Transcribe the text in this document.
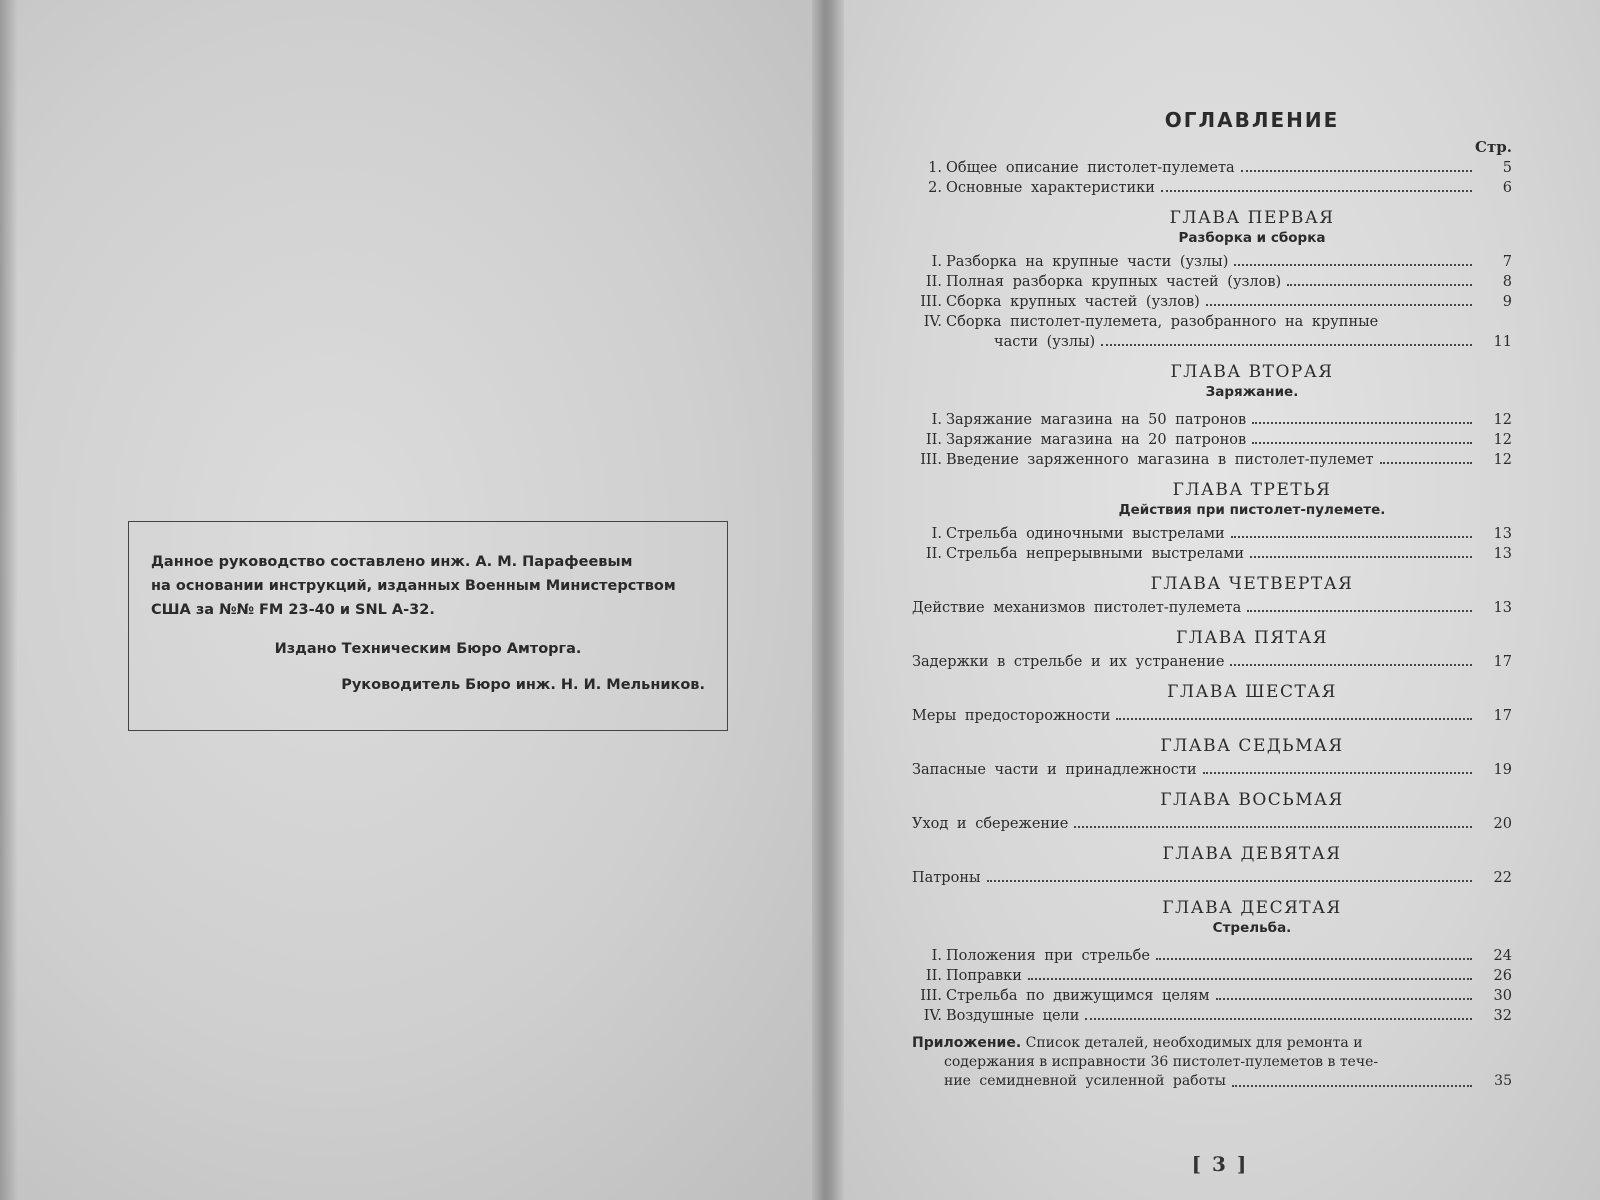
Данное руководство составлено инж. А. М. Парафеевым
на основании инструкций, изданных Военным Министерством
США за №№ FM 23-40 и SNL A-32.
Издано Техническим Бюро Амторга.
Руководитель Бюро инж. Н. И. Мельников.
ОГЛАВЛЕНИЕ
Стр.
1. Общее описание пистолет-пулемета	5
2. Основные характеристики	6
ГЛАВА ПЕРВАЯ
Разборка и сборка
I. Разборка на крупные части (узлы)	7
II. Полная разборка крупных частей (узлов)	8
III. Сборка крупных частей (узлов)	9
IV. Сборка пистолет-пулемета, разобранного на крупные
части (узлы)	11
ГЛАВА ВТОРАЯ
Заряжание.
I. Заряжание магазина на 50 патронов	12
II. Заряжание магазина на 20 патронов	12
III. Введение заряженного магазина в пистолет-пулемет	12
ГЛАВА ТРЕТЬЯ
Действия при пистолет-пулемете.
I. Стрельба одиночными выстрелами	13
II. Стрельба непрерывными выстрелами	13
ГЛАВА ЧЕТВЕРТАЯ
Действие механизмов пистолет-пулемета	13
ГЛАВА ПЯТАЯ
Задержки в стрельбе и их устранение	17
ГЛАВА ШЕСТАЯ
Меры предосторожности	17
ГЛАВА СЕДЬМАЯ
Запасные части и принадлежности	19
ГЛАВА ВОСЬМАЯ
Уход и сбережение	20
ГЛАВА ДЕВЯТАЯ
Патроны	22
ГЛАВА ДЕСЯТАЯ
Стрельба.
I. Положения при стрельбе	24
II. Поправки	26
III. Стрельба по движущимся целям	30
IV. Воздушные цели	32
Приложение.
Список деталей, необходимых для ремонта и
содержания в исправности 36 пистолет-пулеметов в тече-
ние семидневной усиленной работы	35
[ 3 ]
